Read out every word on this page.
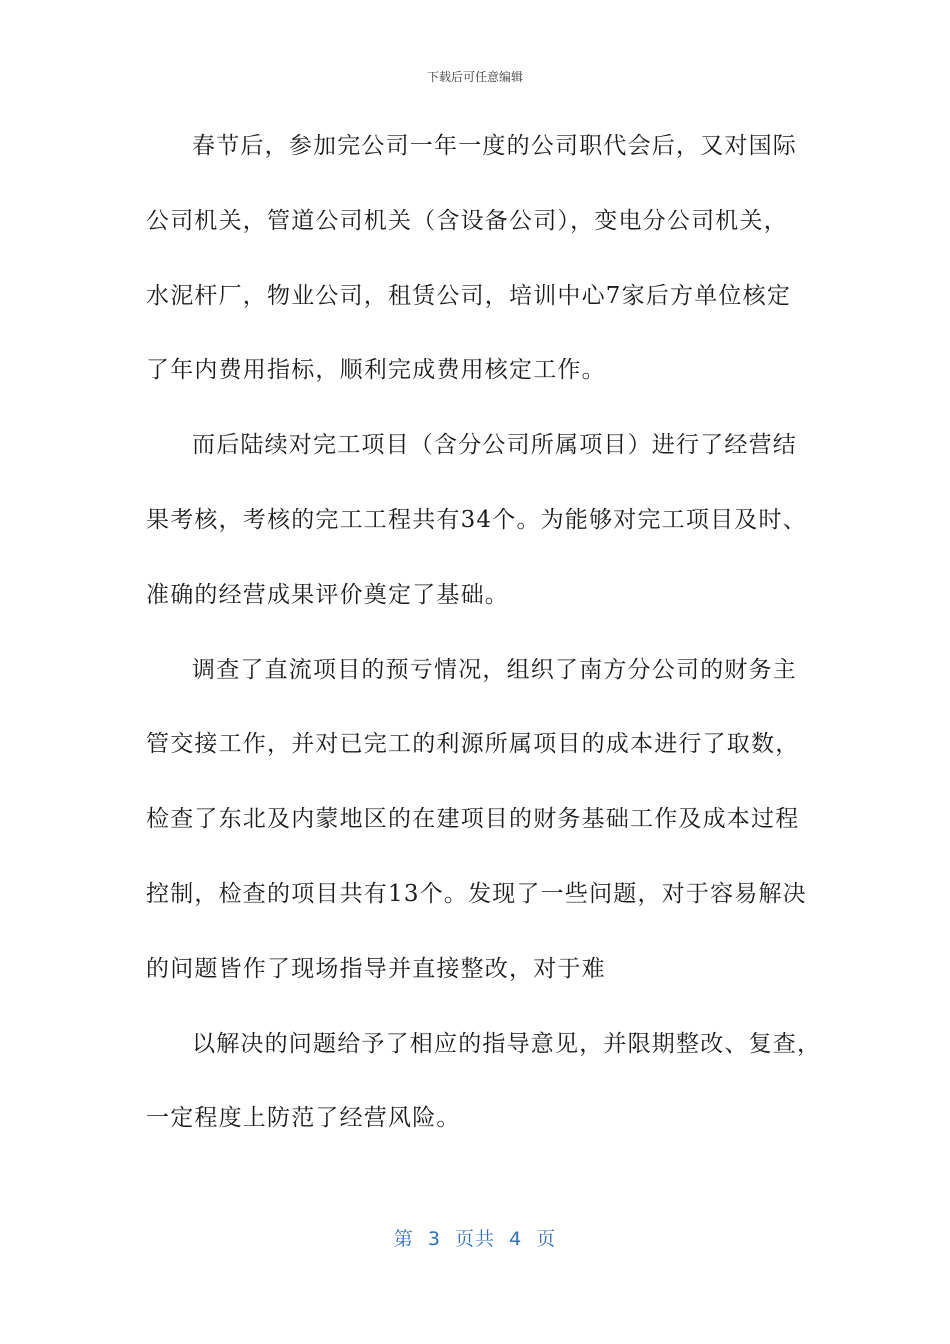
下载后可任意编辑
春节后，参加完公司一年一度的公司职代会后，又对国际
公司机关，管道公司机关（含设备公司），变电分公司机关，
水泥杆厂，物业公司，租赁公司，培训中心7家后方单位核定
了年内费用指标，顺利完成费用核定工作。
而后陆续对完工项目（含分公司所属项目）进行了经营结
果考核，考核的完工工程共有34个。为能够对完工项目及时、
准确的经营成果评价奠定了基础。
调查了直流项目的预亏情况，组织了南方分公司的财务主
管交接工作，并对已完工的利源所属项目的成本进行了取数，
检查了东北及内蒙地区的在建项目的财务基础工作及成本过程
控制，检查的项目共有13个。发现了一些问题，对于容易解决
的问题皆作了现场指导并直接整改，对于难
以解决的问题给予了相应的指导意见，并限期整改、复查，
一定程度上防范了经营风险。
第  3  页共  4  页
